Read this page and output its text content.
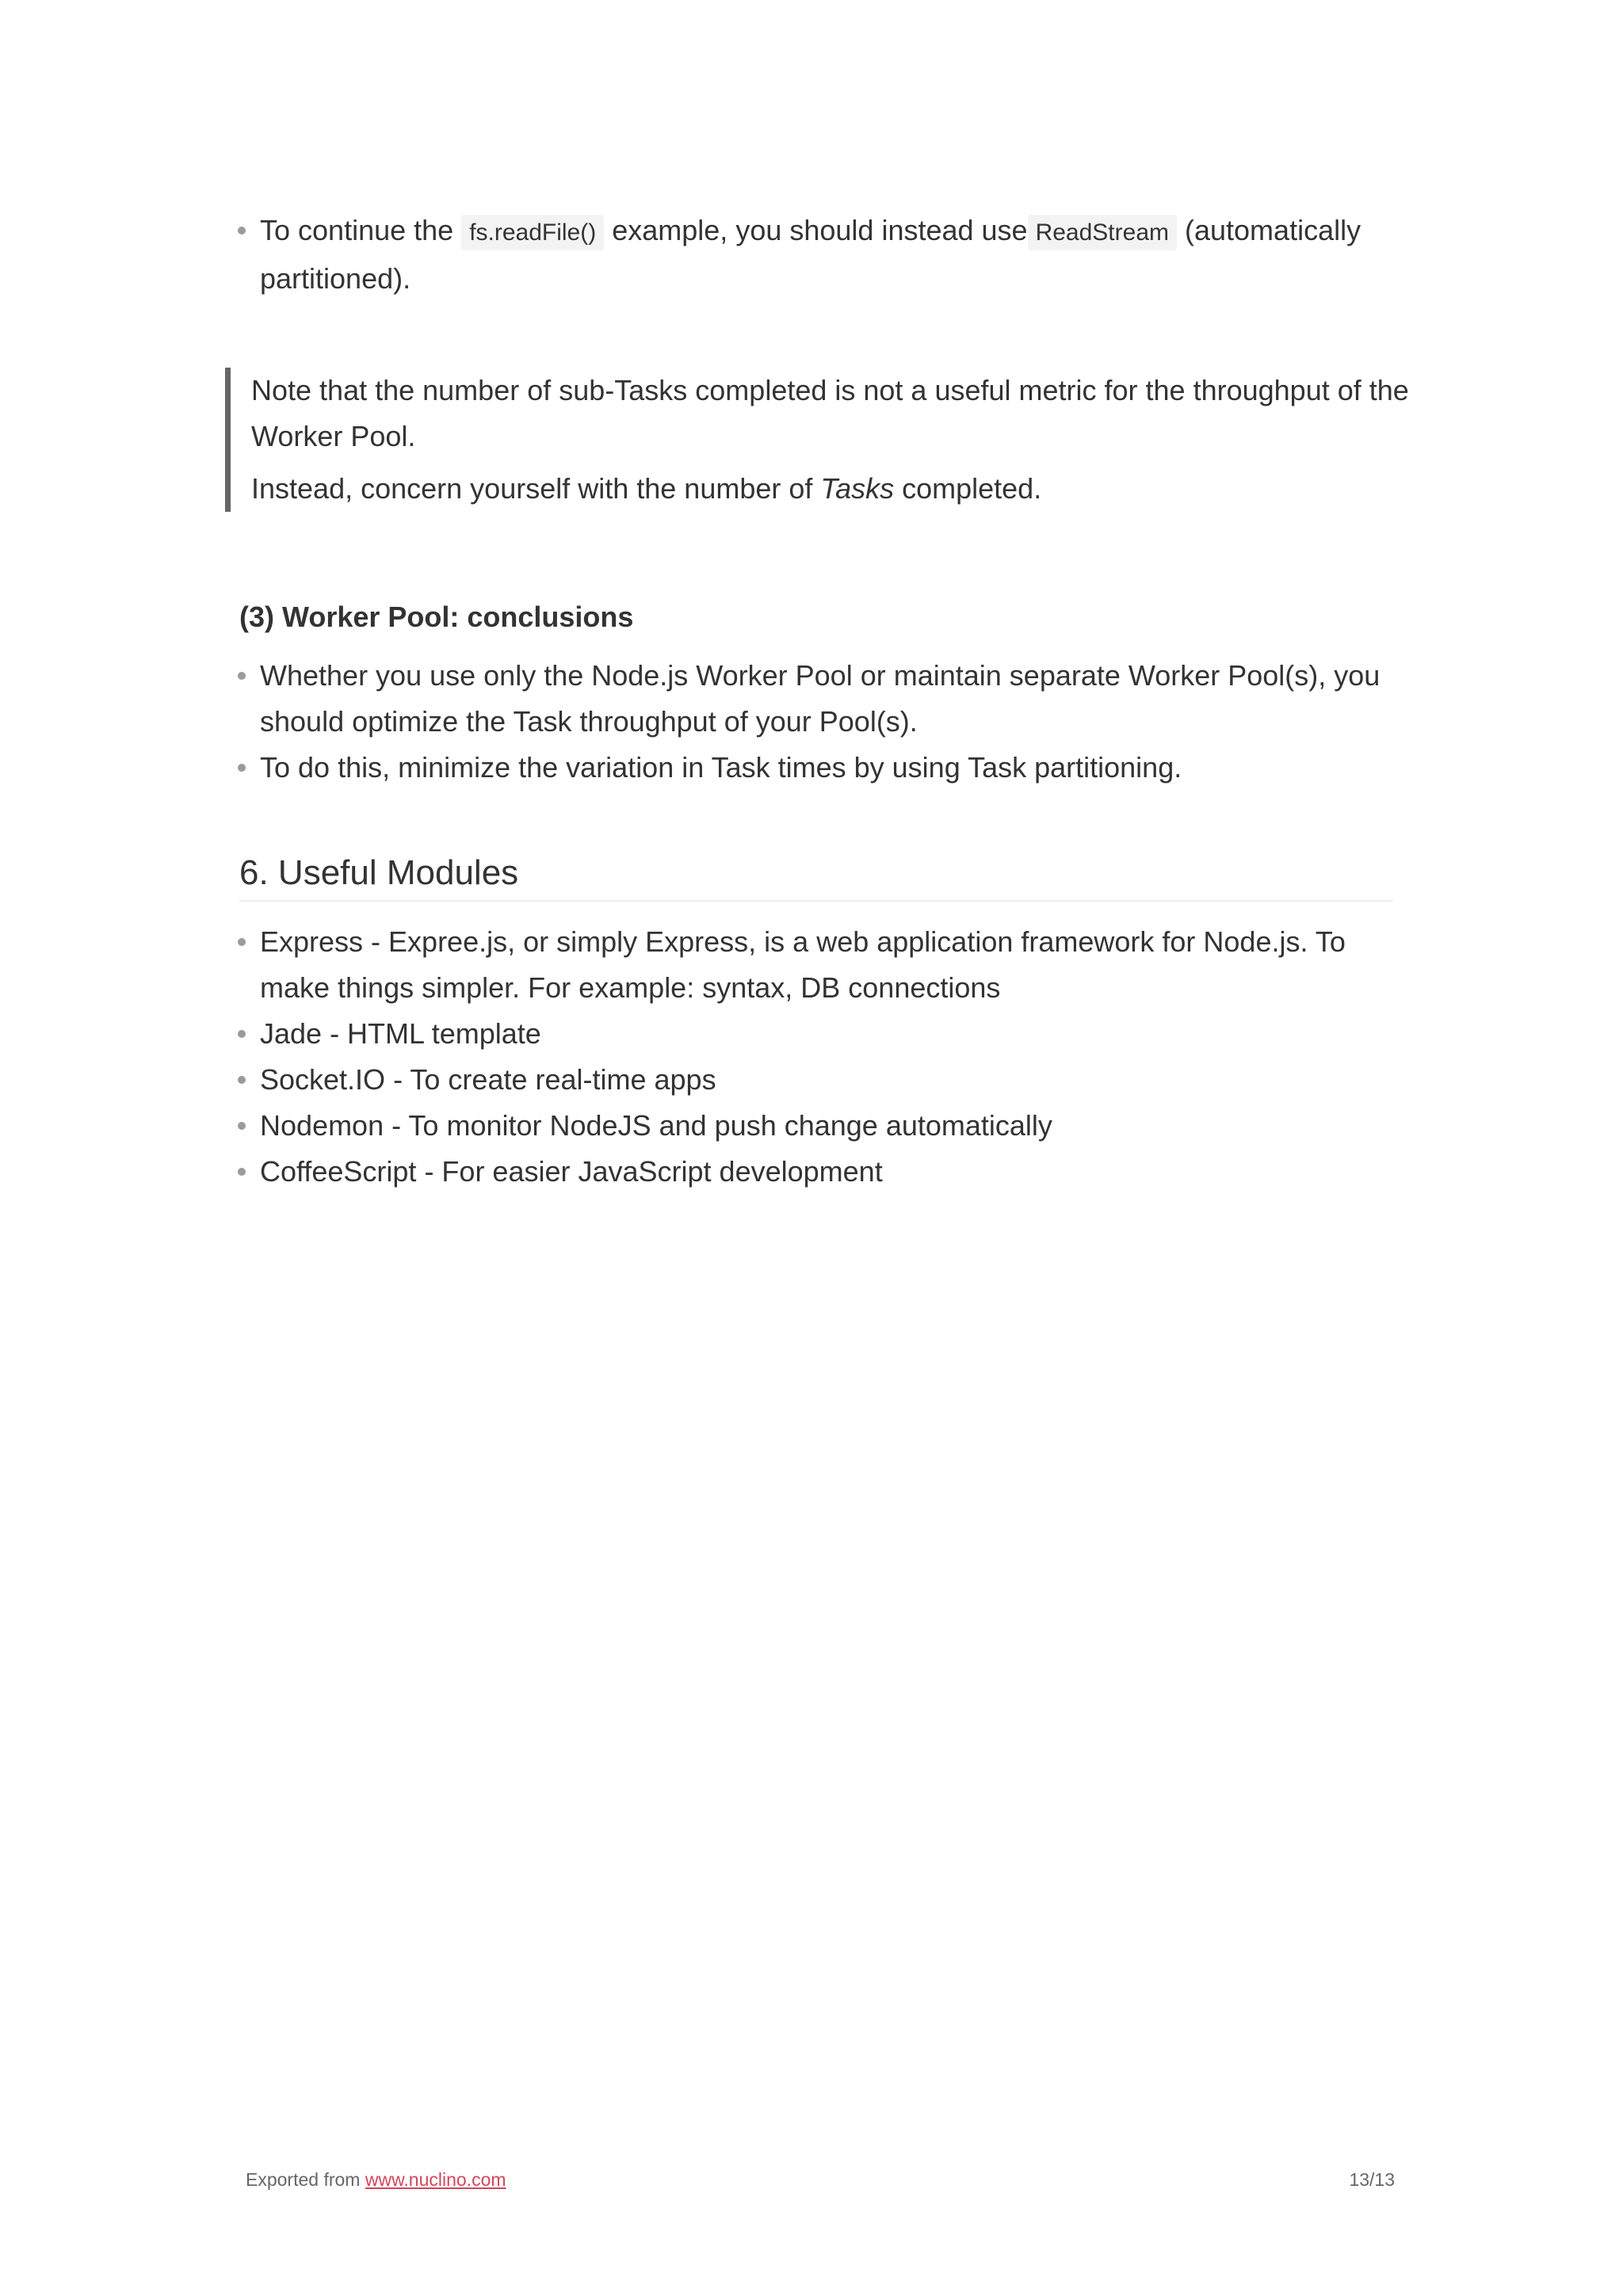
To continue the fs.readFile() example, you should instead use ReadStream (automatically partitioned).

Note that the number of sub-Tasks completed is not a useful metric for the throughput of the Worker Pool.

Instead, concern yourself with the number of Tasks completed.

(3) Worker Pool: conclusions
Whether you use only the Node.js Worker Pool or maintain separate Worker Pool(s), you should optimize the Task throughput of your Pool(s).
To do this, minimize the variation in Task times by using Task partitioning.
6. Useful Modules
Express - Expree.js, or simply Express, is a web application framework for Node.js. To make things simpler. For example: syntax, DB connections
Jade - HTML template
Socket.IO - To create real-time apps
Nodemon - To monitor NodeJS and push change automatically
CoffeeScript - For easier JavaScript development
Exported from www.nuclino.com	13/13
